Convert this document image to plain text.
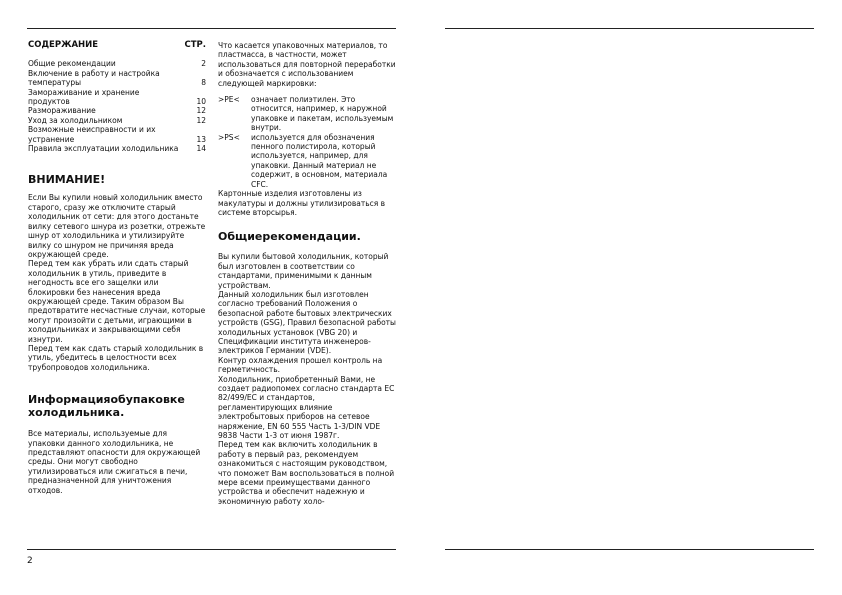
СОДЕРЖАНИЕ	СТР.
Общие рекомендации	2
Включение в работу и настройка температуры	8
Замораживание и хранение продуктов	10
Размораживание	12
Уход за холодильником	12
Возможные неисправности и их устранение	13
Правила эксплуатации холодильника	14
ВНИМАНИЕ!

Если Вы купили новый холодильник вместо старого, сразу же отключите старый холодильник от сети: для этого достаньте вилку сетевого шнура из розетки, отрежьте шнур от холодильника и утилизируйте вилку со шнуром не причиняя вреда окружающей среде.

Перед тем как убрать или сдать старый холодильник в утиль, приведите в негодность все его защелки или блокировки без нанесения вреда окружающей среде. Таким образом Вы предотвратите несчастные случаи, которые могут произойти с детьми, играющими в холодильниках и закрывающими себя изнутри.

Перед тем как сдать старый холодильник в утиль, убедитесь в целостности всех трубопроводов холодильника.

Информацияобупаковке холодильника.

Все материалы, используемые для упаковки данного холодильника, не представляют опасности для окружающей среды. Они могут свободно утилизироваться или сжигаться в печи, предназначенной для уничтожения отходов.

2

Что касается упаковочных материалов, то пластмасса, в частности, может использоваться для повторной переработки и обозначается с использованием следующей маркировки:

>PE<	означает полиэтилен. Это относится, например, к наружной упаковке и пакетам, используемым внутри.
>PS<	используется для обозначения пенного полистирола, который используется, например, для упаковки. Данный материал не содержит, в основном, материала CFC.

Картонные изделия изготовлены из макулатуры и должны утилизироваться в системе вторсырья.

Общиерекомендации.

Вы купили бытовой холодильник, который был изготовлен в соответствии со стандартами, применимыми к данным устройствам.

Данный холодильник был изготовлен согласно требований Положения о безопасной работе бытовых электрических устройств (GSG), Правил безопасной работы холодильных установок (VBG 20) и Спецификации института инженеров-электриков Германии (VDE).

Контур охлаждения прошел контроль на герметичность.

Холодильник, приобретенный Вами, не создает радиопомех согласно стандарта EC 82/499/EC и стандартов, регламентирующих влияние электробытовых приборов на сетевое наряжение, EN 60 555 Часть 1-3/DIN VDE 9838 Части 1-3 от июня 1987г.

Перед тем как включить холодильник в работу в первый раз, рекомендуем ознакомиться с настоящим руководством, что поможет Вам воспользоваться в полной мере всеми преимуществами данного устройства и обеспечит надежную и экономичную работу холо-
